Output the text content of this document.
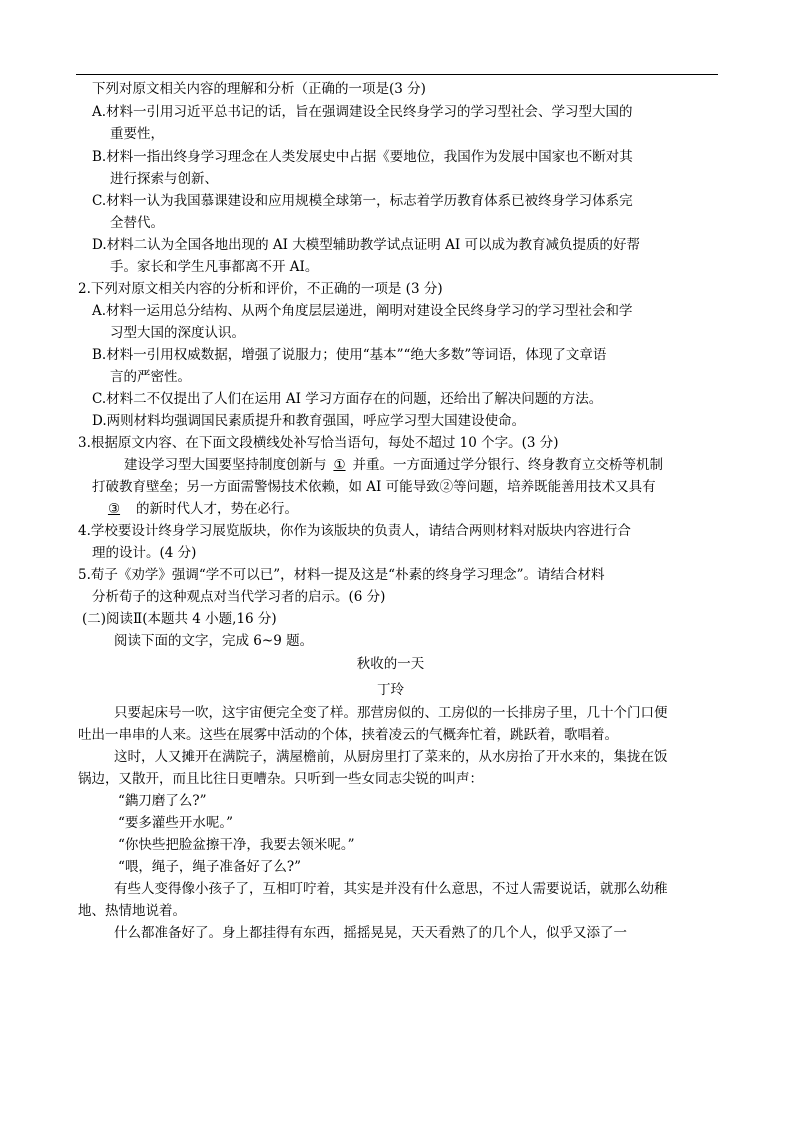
下列对原文相关内容的理解和分析（正确的一项是(3 分)
A.材料一引用习近平总书记的话，旨在强调建设全民终身学习的学习型社会、学习型大国的
重要性，
B.材料一指出终身学习理念在人类发展史中占据《要地位，我国作为发展中国家也不断对其
进行探索与创新、
C.材料一认为我国慕课建设和应用规模全球第一，标志着学历教育体系已被终身学习体系完
全替代。
D.材料二认为全国各地出现的 AI 大模型辅助教学试点证明 AI 可以成为教育减负提质的好帮
手。家长和学生凡事都离不开 AI。
2.下列对原文相关内容的分析和评价，不正确的一项是 (3 分)
A.材料一运用总分结构、从两个角度层层递进，阐明对建设全民终身学习的学习型社会和学
习型大国的深度认识。
B.材料一引用权威数据，增强了说服力；使用“基本”“绝大多数”等词语，体现了文章语
言的严密性。
C.材料二不仅提出了人们在运用 AI 学习方面存在的问题，还给出了解决问题的方法。
D.两则材料均强调国民素质提升和教育强国，呼应学习型大国建设使命。
3.根据原文内容、在下面文段横线处补写恰当语句，每处不超过 10 个字。(3 分)
建设学习型大国要坚持制度创新与 ① 并重。一方面通过学分银行、终身教育立交桥等机制
打破教育壁垒；另一方面需警惕技术依赖，如 AI 可能导致②等问题，培养既能善用技术又具有
③ 的新时代人才，势在必行。
4.学校要设计终身学习展览版块，你作为该版块的负责人，请结合两则材料对版块内容进行合
理的设计。(4 分)
5.荀子《劝学》强调“学不可以已”，材料一提及这是“朴素的终身学习理念”。请结合材料
分析荀子的这种观点对当代学习者的启示。(6 分)
(二)阅读Ⅱ(本题共 4 小题,16 分)
阅读下面的文字，完成 6~9 题。
秋收的一天
丁玲
只要起床号一吹，这宇宙便完全变了样。那营房似的、工房似的一长排房子里，几十个门口便
吐出一串串的人来。这些在展雾中活动的个体，挟着凌云的气概奔忙着，跳跃着，歌唱着。
这时，人又摊开在满院子，满屋檐前，从厨房里打了菜来的，从水房抬了开水来的，集拢在饭
锅边，又散开，而且比往日更嘈杂。只听到一些女同志尖锐的叫声：
“鐫刀磨了么?”
“要多灌些开水呢。”
“你快些把脸盆擦干净，我要去领米呢。”
“喂，绳子，绳子准备好了么?”
有些人变得像小孩子了，互相叮咛着，其实是并没有什么意思，不过人需要说话，就那么幼稚
地、热情地说着。
什么都准备好了。身上都挂得有东西，摇摇晃晃，天天看熟了的几个人，似乎又添了一
